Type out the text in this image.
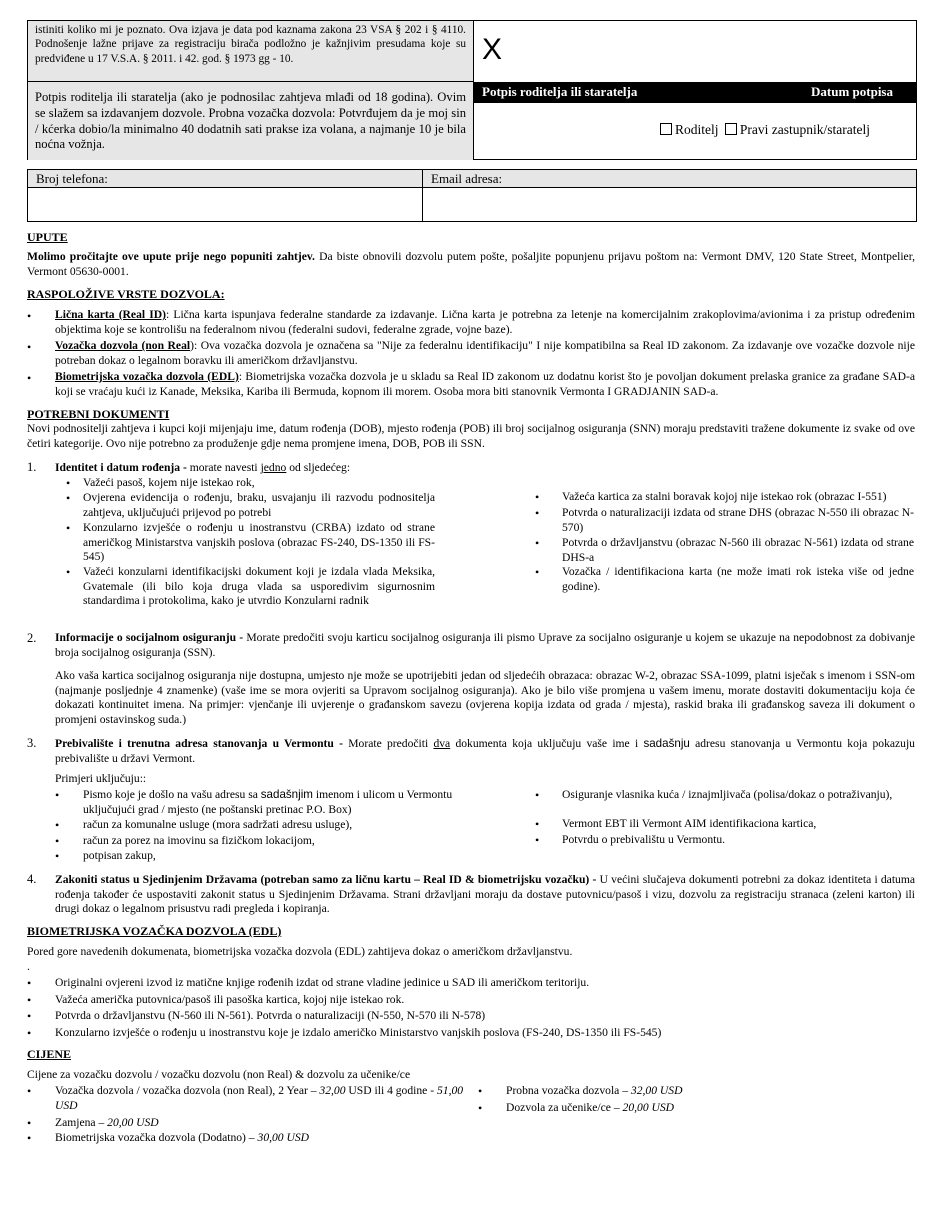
istiniti koliko mi je poznato. Ova izjava je data pod kaznama zakona 23 VSA § 202 i § 4110. Podnošenje lažne prijave za registraciju birača podložno je kažnjivim presudama koje su predviđene u 17 V.S.A. § 2011. i 42. god. § 1973 gg - 10.	X
Potpis roditelja ili staratelja (ako je podnosilac zahtjeva mlađi od 18 godina). Ovim se slažem sa izdavanjem dozvole. Probna vozačka dozvola: Potvrđujem da je moj sin / kćerka dobio/la minimalno 40 dodatnih sati prakse iza volana, a najmanje 10 je bila noćna vožnja.
Potpis roditelja ili staratelja	Datum potpisa
Roditelj Pravi zastupnik/staratelj
Broj telefona:	Email adresa:
UPUTE
Molimo pročitajte ove upute prije nego popuniti zahtjev. Da biste obnovili dozvolu putem pošte, pošaljite popunjenu prijavu poštom na: Vermont DMV, 120 State Street, Montpelier, Vermont 05630-0001.
RASPOLOŽIVE VRSTE DOZVOLA:
• Lična karta (Real ID): Lična karta ispunjava federalne standarde za izdavanje. Lična karta je potrebna za letenje na komercijalnim zrakoplovima/avionima i za pristup određenim objektima koje se kontrolišu na federalnom nivou (federalni sudovi, federalne zgrade, vojne baze).
• Vozačka dozvola (non Real): Ova vozačka dozvola je označena sa "Nije za federalnu identifikaciju" I nije kompatibilna sa Real ID zakonom. Za izdavanje ove vozačke dozvole nije potreban dokaz o legalnom boravku ili američkom državljanstvu.
• Biometrijska vozačka dozvola (EDL): Biometrijska vozačka dozvola je u skladu sa Real ID zakonom uz dodatnu korist što je povoljan dokument prelaska granice za građane SAD-a koji se vraćaju kući iz Kanade, Meksika, Kariba ili Bermuda, kopnom ili morem. Osoba mora biti stanovnik Vermonta I GRADJANIN SAD-a.
POTREBNI DOKUMENTI
Novi podnositelji zahtjeva i kupci koji mijenjaju ime, datum rođenja (DOB), mjesto rođenja (POB) ili broj socijalnog osiguranja (SNN) moraju predstaviti tražene dokumente iz svake od ove četiri kategorije. Ovo nije potrebno za produženje gdje nema promjene imena, DOB, POB ili SSN.
1. Identitet i datum rođenja - morate navesti jedno od sljedećeg:
• Važeći pasoš, kojem nije istekao rok,
• Ovjerena evidencija o rođenju, braku, usvajanju ili razvodu podnositelja zahtjeva, uključujući prijevod po potrebi
• Konzularno izvješće o rođenju u inostranstvu (CRBA) izdato od strane američkog Ministarstva vanjskih poslova (obrazac FS-240, DS-1350 ili FS-545)
• Važeći konzularni identifikacijski dokument koji je izdala vlada Meksika, Gvatemale (ili bilo koja druga vlada sa usporedivim sigurnosnim standardima i protokolima, kako je utvrdio Konzularni radnik
• Važeća kartica za stalni boravak kojoj nije istekao rok (obrazac I-551)
• Potvrda o naturalizaciji izdata od strane DHS (obrazac N-550 ili obrazac N-570)
• Potvrda o državljanstvu (obrazac N-560 ili obrazac N-561) izdata od strane DHS-a
• Vozačka / identifikaciona karta (ne može imati rok isteka više od jedne godine).
2. Informacije o socijalnom osiguranju - Morate predočiti svoju karticu socijalnog osiguranja ili pismo Uprave za socijalno osiguranje u kojem se ukazuje na nepodobnost za dobivanje broja socijalnog osiguranja (SSN).
Ako vaša kartica socijalnog osiguranja nije dostupna, umjesto nje može se upotrijebiti jedan od sljedećih obrazaca: obrazac W-2, obrazac SSA-1099, platni isječak s imenom i SSN-om (najmanje posljednje 4 znamenke) (vaše ime se mora ovjeriti sa Upravom socijalnog osiguranja). Ako je bilo više promjena u vašem imenu, morate dostaviti dokumentaciju koja će dokazati kontinuitet imena. Na primjer: vjenčanje ili uvjerenje o građanskom savezu (ovjerena kopija izdata od grada / mjesta), raskid braka ili građanskog saveza ili dokument o promjeni ostavinskog suda.)
3. Prebivalište i trenutna adresa stanovanja u Vermontu - Morate predočiti dva dokumenta koja uključuju vaše ime i sadašnju adresu stanovanja u Vermontu koja pokazuju prebivalište u državi Vermont.
Primjeri uključuju::
• Pismo koje je došlo na vašu adresu sa sadašnjim imenom i ulicom u Vermontu uključujući grad / mjesto (ne poštanski pretinac P.O. Box)
• račun za komunalne usluge (mora sadržati adresu usluge),
• račun za porez na imovinu sa fizičkom lokacijom,
• potpisan zakup,
• Osiguranje vlasnika kuća / iznajmljivača (polisa/dokaz o potraživanju),
• Vermont EBT ili Vermont AIM identifikaciona kartica,
• Potvrdu o prebivalištu u Vermontu.
4. Zakoniti status u Sjedinjenim Državama (potreban samo za ličnu kartu – Real ID & biometrijsku vozačku) - U većini slučajeva dokumenti potrebni za dokaz identiteta i datuma rođenja također će uspostaviti zakonit status u Sjedinjenim Državama. Strani državljani moraju da dostave putovnicu/pasoš i vizu, dozvolu za registraciju stranaca (zeleni karton) ili drugi dokaz o legalnom prisustvu radi pregleda i kopiranja.
BIOMETRIJSKA VOZAČKA DOZVOLA (EDL)
Pored gore navedenih dokumenata, biometrijska vozačka dozvola (EDL) zahtijeva dokaz o američkom državljanstvu.
.
• Originalni ovjereni izvod iz matične knjige rođenih izdat od strane vladine jedinice u SAD ili američkom teritoriju.
• Važeća američka putovnica/pasoš ili pasoška kartica, kojoj nije istekao rok.
• Potvrda o državljanstvu (N-560 ili N-561). Potvrda o naturalizaciji (N-550, N-570 ili N-578)
• Konzularno izvješće o rođenju u inostranstvu koje je izdalo američko Ministarstvo vanjskih poslova (FS-240, DS-1350 ili FS-545)
CIJENE
Cijene za vozačku dozvolu / vozačku dozvolu (non Real) & dozvolu za učenike/ce
• Vozačka dozvola / vozačka dozvola (non Real), 2 Year – 32,00 USD ili 4 godine - 51,00 USD
• Zamjena – 20,00 USD
• Biometrijska vozačka dozvola (Dodatno) – 30,00 USD
• Probna vozačka dozvola – 32,00 USD
• Dozvola za učenike/ce – 20,00 USD
